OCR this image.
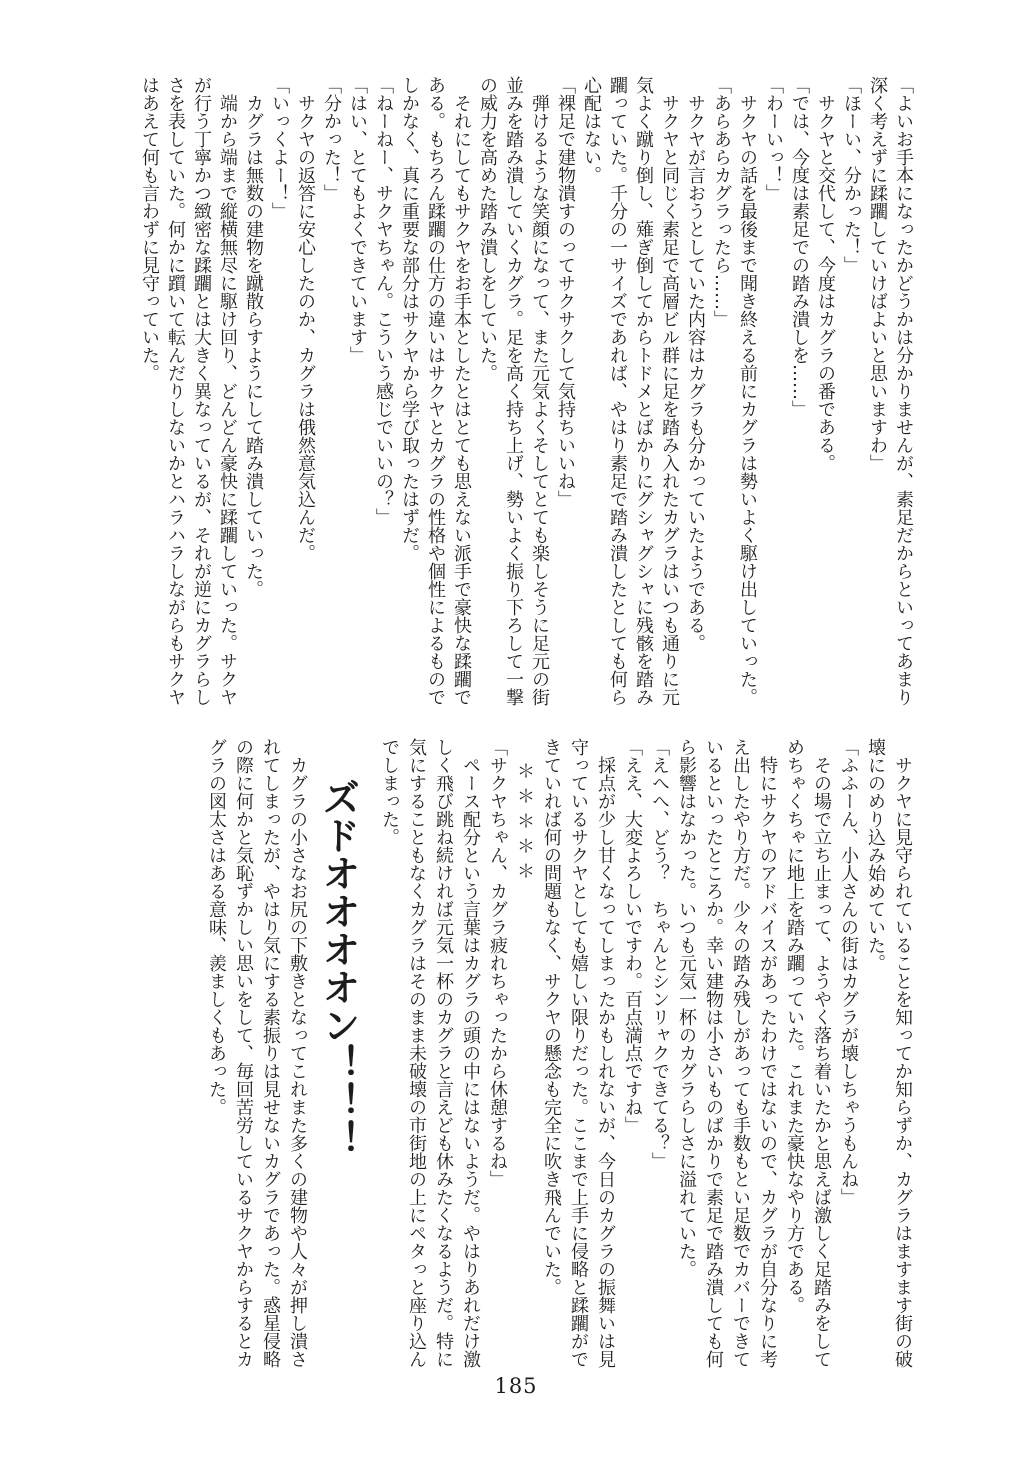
「よいお手本になったかどうかは分かりませんが、素足だからといってあまり
深く考えずに蹂躙していけばよいと思いますわ」
「ほーい、分かった！」
　サクヤと交代して、今度はカグラの番である。
「では、今度は素足での踏み潰しを……」
「わーいっ！」
　サクヤの話を最後まで聞き終える前にカグラは勢いよく駆け出していった。
「あらあらカグラったら……」
　サクヤが言おうとしていた内容はカグラも分かっていたようである。
　サクヤと同じく素足で高層ビル群に足を踏み入れたカグラはいつも通りに元
気よく蹴り倒し、薙ぎ倒してからトドメとばかりにグシャグシャに残骸を踏み
躙っていた。千分の一サイズであれば、やはり素足で踏み潰したとしても何ら
心配はない。
「裸足で建物潰すのってサクサクして気持ちいいね」
　弾けるような笑顔になって、また元気よくそしてとても楽しそうに足元の街
並みを踏み潰していくカグラ。足を高く持ち上げ、勢いよく振り下ろして一撃
の威力を高めた踏み潰しをしていた。
　それにしてもサクヤをお手本としたとはとても思えない派手で豪快な蹂躙で
ある。もちろん蹂躙の仕方の違いはサクヤとカグラの性格や個性によるもので
しかなく、真に重要な部分はサクヤから学び取ったはずだ。
「ねーねー、サクヤちゃん。こういう感じでいいの？」
「はい、とてもよくできています」
「分かった！」
　サクヤの返答に安心したのか、カグラは俄然意気込んだ。
「いっくよー！」
　カグラは無数の建物を蹴散らすようにして踏み潰していった。
　端から端まで縦横無尽に駆け回り、どんどん豪快に蹂躙していった。サクヤ
が行う丁寧かつ緻密な蹂躙とは大きく異なっているが、それが逆にカグラらし
さを表していた。何かに躓いて転んだりしないかとハラハラしながらもサクヤ
はあえて何も言わずに見守っていた。
　サクヤに見守られていることを知ってか知らずか、カグラはますます街の破
壊にのめり込み始めていた。
「ふふーん、小人さんの街はカグラが壊しちゃうもんね」
　その場で立ち止まって、ようやく落ち着いたかと思えば激しく足踏みをして
めちゃくちゃに地上を踏み躙っていた。これまた豪快なやり方である。
　特にサクヤのアドバイスがあったわけではないので、カグラが自分なりに考
え出したやり方だ。少々の踏み残しがあっても手数もとい足数でカバーできて
いるといったところか。幸い建物は小さいものばかりで素足で踏み潰しても何
ら影響はなかった。いつも元気一杯のカグラらしさに溢れていた。
「えへへ、どう？　ちゃんとシンリャクできてる？」
「ええ、大変よろしいですわ。百点満点ですね」
　採点が少し甘くなってしまったかもしれないが、今日のカグラの振舞いは見
守っているサクヤとしても嬉しい限りだった。ここまで上手に侵略と蹂躙がで
きていれば何の問題もなく、サクヤの懸念も完全に吹き飛んでいた。
＊＊＊＊＊
「サクヤちゃん、カグラ疲れちゃったから休憩するね」
　ペース配分という言葉はカグラの頭の中にはないようだ。やはりあれだけ激
しく飛び跳ね続ければ元気一杯のカグラと言えども休みたくなるようだ。特に
気にすることもなくカグラはそのまま未破壊の市街地の上にペタっと座り込ん
でしまった。
ズドオオオオン！！！
　カグラの小さなお尻の下敷きとなってこれまた多くの建物や人々が押し潰さ
れてしまったが、やはり気にする素振りは見せないカグラであった。惑星侵略
の際に何かと気恥ずかしい思いをして、毎回苦労しているサクヤからするとカ
グラの図太さはある意味、羨ましくもあった。
185
